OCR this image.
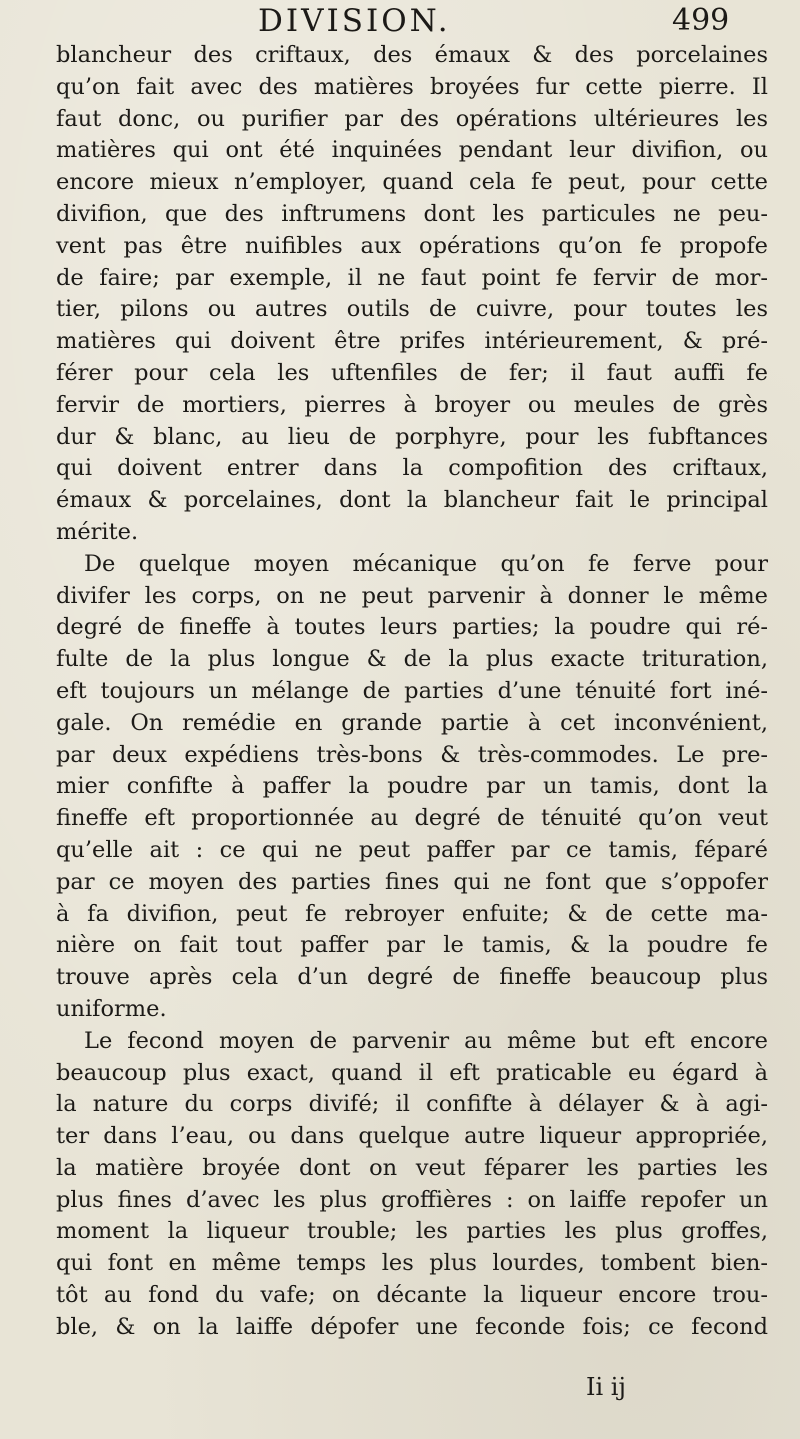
DIVISION.	499
blancheur des criftaux, des émaux & des porcelaines
qu’on fait avec des matières broyées fur cette pierre. Il
faut donc, ou purifier par des opérations ultérieures les
matières qui ont été inquinées pendant leur divifion, ou
encore mieux n’employer, quand cela fe peut, pour cette
divifion, que des inftrumens dont les particules ne peu-
vent pas être nuifibles aux opérations qu’on fe propofe
de faire; par exemple, il ne faut point fe fervir de mor-
tier, pilons ou autres outils de cuivre, pour toutes les
matières qui doivent être prifes intérieurement, & pré-
férer pour cela les uftenfiles de fer; il faut auffi fe
fervir de mortiers, pierres à broyer ou meules de grès
dur & blanc, au lieu de porphyre, pour les fubftances
qui doivent entrer dans la compofition des criftaux,
émaux & porcelaines, dont la blancheur fait le principal
mérite.
De quelque moyen mécanique qu’on fe ferve pour
divifer les corps, on ne peut parvenir à donner le même
degré de fineffe à toutes leurs parties; la poudre qui ré-
fulte de la plus longue & de la plus exacte trituration,
eft toujours un mélange de parties d’une ténuité fort iné-
gale. On remédie en grande partie à cet inconvénient,
par deux expédiens très-bons & très-commodes. Le pre-
mier confifte à paffer la poudre par un tamis, dont la
fineffe eft proportionnée au degré de ténuité qu’on veut
qu’elle ait : ce qui ne peut paffer par ce tamis, féparé
par ce moyen des parties fines qui ne font que s’oppofer
à fa divifion, peut fe rebroyer enfuite; & de cette ma-
nière on fait tout paffer par le tamis, & la poudre fe
trouve après cela d’un degré de fineffe beaucoup plus
uniforme.
Le fecond moyen de parvenir au même but eft encore
beaucoup plus exact, quand il eft praticable eu égard à
la nature du corps divifé; il confifte à délayer & à agi-
ter dans l’eau, ou dans quelque autre liqueur appropriée,
la matière broyée dont on veut féparer les parties les
plus fines d’avec les plus groffières : on laiffe repofer un
moment la liqueur trouble; les parties les plus groffes,
qui font en même temps les plus lourdes, tombent bien-
tôt au fond du vafe; on décante la liqueur encore trou-
ble, & on la laiffe dépofer une feconde fois; ce fecond
Ii ij
